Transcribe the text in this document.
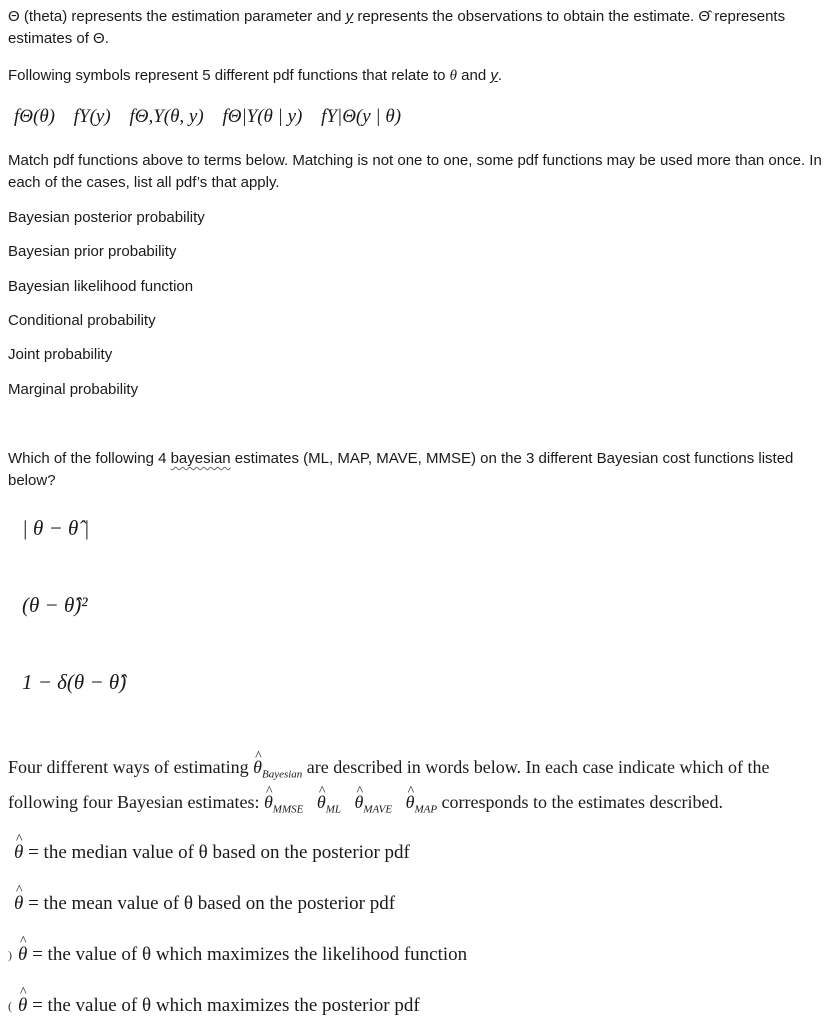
Θ (theta) represents the estimation parameter and y represents the observations to obtain the estimate. Θ̂ represents estimates of Θ.
Following symbols represent 5 different pdf functions that relate to θ and y.
fΘ(θ) fY(y) fΘ,Y(θ, y) fΘ|Y(θ | y) fY|Θ(y | θ)
Match pdf functions above to terms below. Matching is not one to one, some pdf functions may be used more than once. In each of the cases, list all pdf’s that apply.
Bayesian posterior probability
Bayesian prior probability
Bayesian likelihood function
Conditional probability
Joint probability
Marginal probability
Which of the following 4 bayesian estimates (ML, MAP, MAVE, MMSE) on the 3 different Bayesian cost functions listed below?
| θ − θ̂ |
(θ − θ̂)²
1 − δ(θ − θ̂)
Four different ways of estimating θ $\^{}_{Bayesian}$ are described in words below. In each case indicate which of the
following four Bayesian estimates: θ $\^{}_{MMSE}$ θ $\^{}_{ML}$ θ $\^{}_{MAVE}$ θ $\^{}_{MAP}$ corresponds to the estimates described.
θ ^ = the median value of θ based on the posterior pdf
θ ^ = the mean value of θ based on the posterior pdf
) θ ^ = the value of θ which maximizes the likelihood function
( θ ^ = the value of θ which maximizes the posterior pdf
